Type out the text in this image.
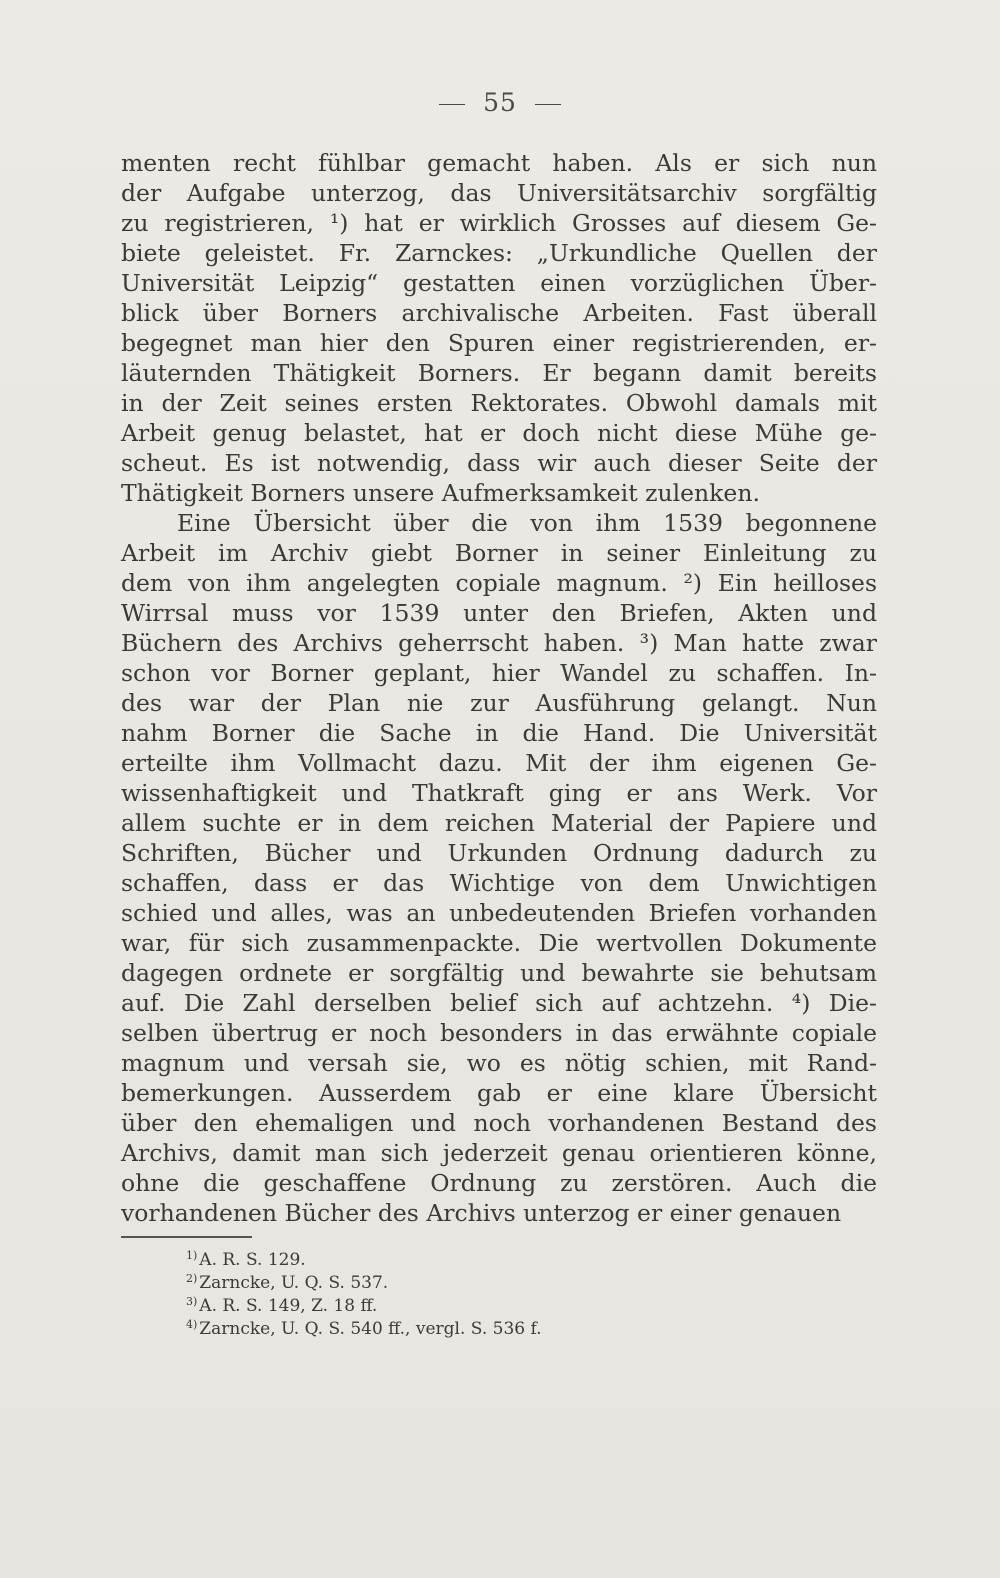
55
menten recht fühlbar gemacht haben. Als er sich nun
der Aufgabe unterzog, das Universitätsarchiv sorgfältig
zu registrieren, ¹) hat er wirklich Grosses auf diesem Ge-
biete geleistet. Fr. Zarnckes: „Urkundliche Quellen der
Universität Leipzig“ gestatten einen vorzüglichen Über-
blick über Borners archivalische Arbeiten. Fast überall
begegnet man hier den Spuren einer registrierenden, er-
läuternden Thätigkeit Borners. Er begann damit bereits
in der Zeit seines ersten Rektorates. Obwohl damals mit
Arbeit genug belastet, hat er doch nicht diese Mühe ge-
scheut. Es ist notwendig, dass wir auch dieser Seite der
Thätigkeit Borners unsere Aufmerksamkeit zulenken.
Eine Übersicht über die von ihm 1539 begonnene
Arbeit im Archiv giebt Borner in seiner Einleitung zu
dem von ihm angelegten copiale magnum. ²) Ein heilloses
Wirrsal muss vor 1539 unter den Briefen, Akten und
Büchern des Archivs geherrscht haben. ³) Man hatte zwar
schon vor Borner geplant, hier Wandel zu schaffen. In-
des war der Plan nie zur Ausführung gelangt. Nun
nahm Borner die Sache in die Hand. Die Universität
erteilte ihm Vollmacht dazu. Mit der ihm eigenen Ge-
wissenhaftigkeit und Thatkraft ging er ans Werk. Vor
allem suchte er in dem reichen Material der Papiere und
Schriften, Bücher und Urkunden Ordnung dadurch zu
schaffen, dass er das Wichtige von dem Unwichtigen
schied und alles, was an unbedeutenden Briefen vorhanden
war, für sich zusammenpackte. Die wertvollen Dokumente
dagegen ordnete er sorgfältig und bewahrte sie behutsam
auf. Die Zahl derselben belief sich auf achtzehn. ⁴) Die-
selben übertrug er noch besonders in das erwähnte copiale
magnum und versah sie, wo es nötig schien, mit Rand-
bemerkungen. Ausserdem gab er eine klare Übersicht
über den ehemaligen und noch vorhandenen Bestand des
Archivs, damit man sich jederzeit genau orientieren könne,
ohne die geschaffene Ordnung zu zerstören. Auch die
vorhandenen Bücher des Archivs unterzog er einer genauen
$^{1)}$ A. R. S. 129.
$^{2)}$ Zarncke, U. Q. S. 537.
$^{3)}$ A. R. S. 149, Z. 18 ff.
$^{4)}$ Zarncke, U. Q. S. 540 ff., vergl. S. 536 f.
